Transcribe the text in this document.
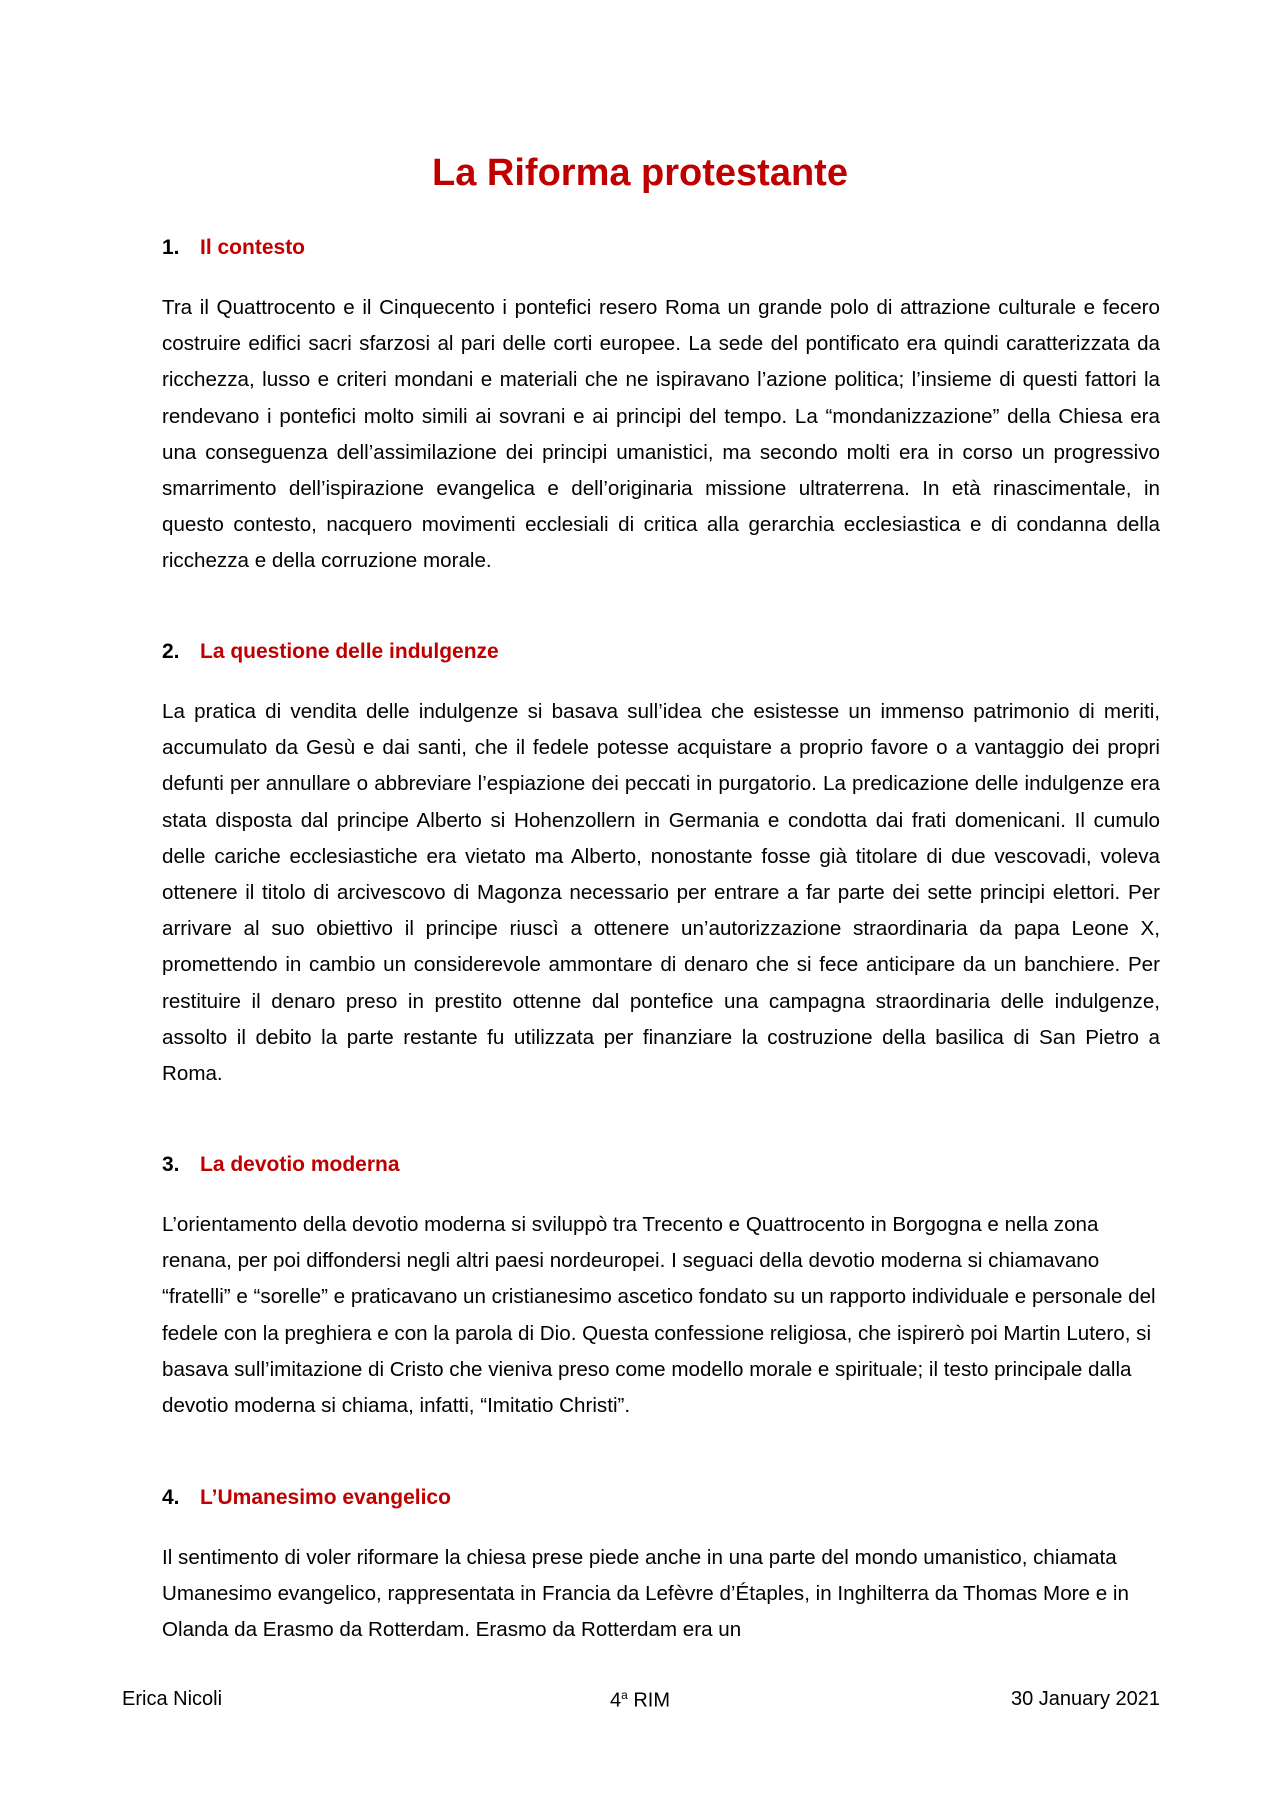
La Riforma protestante
1. Il contesto

Tra il Quattrocento e il Cinquecento i pontefici resero Roma un grande polo di attrazione culturale e fecero costruire edifici sacri sfarzosi al pari delle corti europee. La sede del pontificato era quindi caratterizzata da ricchezza, lusso e criteri mondani e materiali che ne ispiravano l’azione politica; l’insieme di questi fattori la rendevano i pontefici molto simili ai sovrani e ai principi del tempo. La “mondanizzazione” della Chiesa era una conseguenza dell’assimilazione dei principi umanistici, ma secondo molti era in corso un progressivo smarrimento dell’ispirazione evangelica e dell’originaria missione ultraterrena. In età rinascimentale, in questo contesto, nacquero movimenti ecclesiali di critica alla gerarchia ecclesiastica e di condanna della ricchezza e della corruzione morale.

2. La questione delle indulgenze

La pratica di vendita delle indulgenze si basava sull’idea che esistesse un immenso patrimonio di meriti, accumulato da Gesù e dai santi, che il fedele potesse acquistare a proprio favore o a vantaggio dei propri defunti per annullare o abbreviare l’espiazione dei peccati in purgatorio. La predicazione delle indulgenze era stata disposta dal principe Alberto si Hohenzollern in Germania e condotta dai frati domenicani. Il cumulo delle cariche ecclesiastiche era vietato ma Alberto, nonostante fosse già titolare di due vescovadi, voleva ottenere il titolo di arcivescovo di Magonza necessario per entrare a far parte dei sette principi elettori. Per arrivare al suo obiettivo il principe riuscì a ottenere un’autorizzazione straordinaria da papa Leone X, promettendo in cambio un considerevole ammontare di denaro che si fece anticipare da un banchiere. Per restituire il denaro preso in prestito ottenne dal pontefice una campagna straordinaria delle indulgenze, assolto il debito la parte restante fu utilizzata per finanziare la costruzione della basilica di San Pietro a Roma.

3. La devotio moderna

L’orientamento della devotio moderna si sviluppò tra Trecento e Quattrocento in Borgogna e nella zona renana, per poi diffondersi negli altri paesi nordeuropei. I seguaci della devotio moderna si chiamavano “fratelli” e “sorelle” e praticavano un cristianesimo ascetico fondato su un rapporto individuale e personale del fedele con la preghiera e con la parola di Dio. Questa confessione religiosa, che ispirerò poi Martin Lutero, si basava sull’imitazione di Cristo che vieniva preso come modello morale e spirituale; il testo principale dalla devotio moderna si chiama, infatti, “Imitatio Christi”.

4. L’Umanesimo evangelico

Il sentimento di voler riformare la chiesa prese piede anche in una parte del mondo umanistico, chiamata Umanesimo evangelico, rappresentata in Francia da Lefèvre d’Étaples, in Inghilterra da Thomas More e in Olanda da Erasmo da Rotterdam. Erasmo da Rotterdam era un

Erica Nicoli	4$^a$ RIM	30 January 2021
